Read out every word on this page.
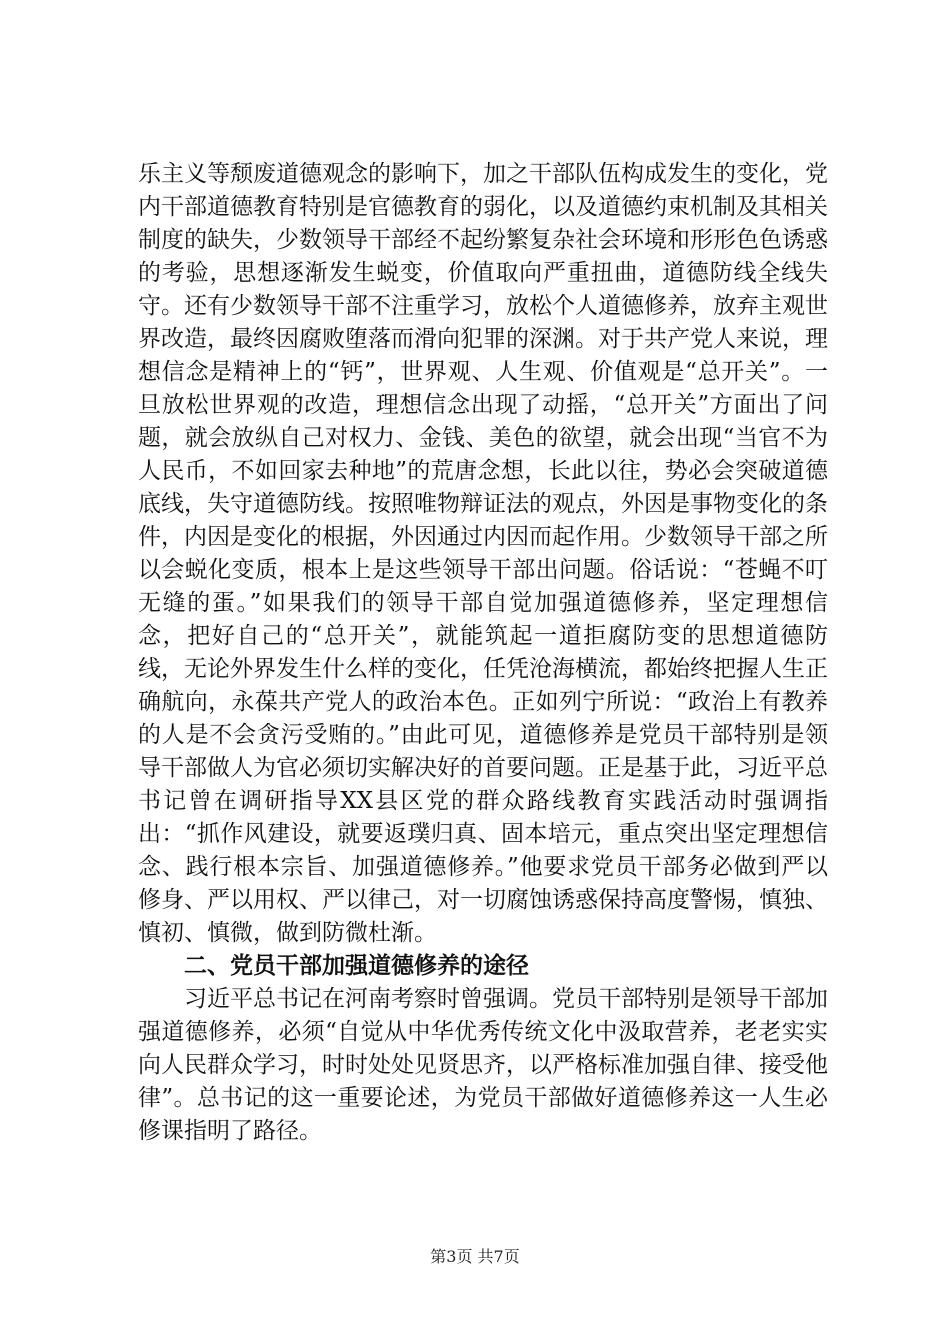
乐主义等颓废道德观念的影响下，加之干部队伍构成发生的变化，党内干部道德教育特别是官德教育的弱化，以及道德约束机制及其相关制度的缺失，少数领导干部经不起纷繁复杂社会环境和形形色色诱惑的考验，思想逐渐发生蜕变，价值取向严重扭曲，道德防线全线失守。还有少数领导干部不注重学习，放松个人道德修养，放弃主观世界改造，最终因腐败堕落而滑向犯罪的深渊。对于共产党人来说，理想信念是精神上的“钙”，世界观、人生观、价值观是“总开关”。一旦放松世界观的改造，理想信念出现了动摇，“总开关”方面出了问题，就会放纵自己对权力、金钱、美色的欲望，就会出现“当官不为人民币，不如回家去种地”的荒唐念想，长此以往，势必会突破道德底线，失守道德防线。按照唯物辩证法的观点，外因是事物变化的条件，内因是变化的根据，外因通过内因而起作用。少数领导干部之所以会蜕化变质，根本上是这些领导干部出问题。俗话说：“苍蝇不叮无缝的蛋。”如果我们的领导干部自觉加强道德修养，坚定理想信念，把好自己的“总开关”，就能筑起一道拒腐防变的思想道德防线，无论外界发生什么样的变化，任凭沧海横流，都始终把握人生正确航向，永葆共产党人的政治本色。正如列宁所说：“政治上有教养的人是不会贪污受贿的。”由此可见，道德修养是党员干部特别是领导干部做人为官必须切实解决好的首要问题。正是基于此，习近平总书记曾在调研指导XX县区党的群众路线教育实践活动时强调指出：“抓作风建设，就要返璞归真、固本培元，重点突出坚定理想信念、践行根本宗旨、加强道德修养。”他要求党员干部务必做到严以修身、严以用权、严以律己，对一切腐蚀诱惑保持高度警惕，慎独、慎初、慎微，做到防微杜渐。

二、党员干部加强道德修养的途径

习近平总书记在河南考察时曾强调。党员干部特别是领导干部加强道德修养，必须“自觉从中华优秀传统文化中汲取营养，老老实实向人民群众学习，时时处处见贤思齐，以严格标准加强自律、接受他律”。总书记的这一重要论述，为党员干部做好道德修养这一人生必修课指明了路径。

第3页 共7页
